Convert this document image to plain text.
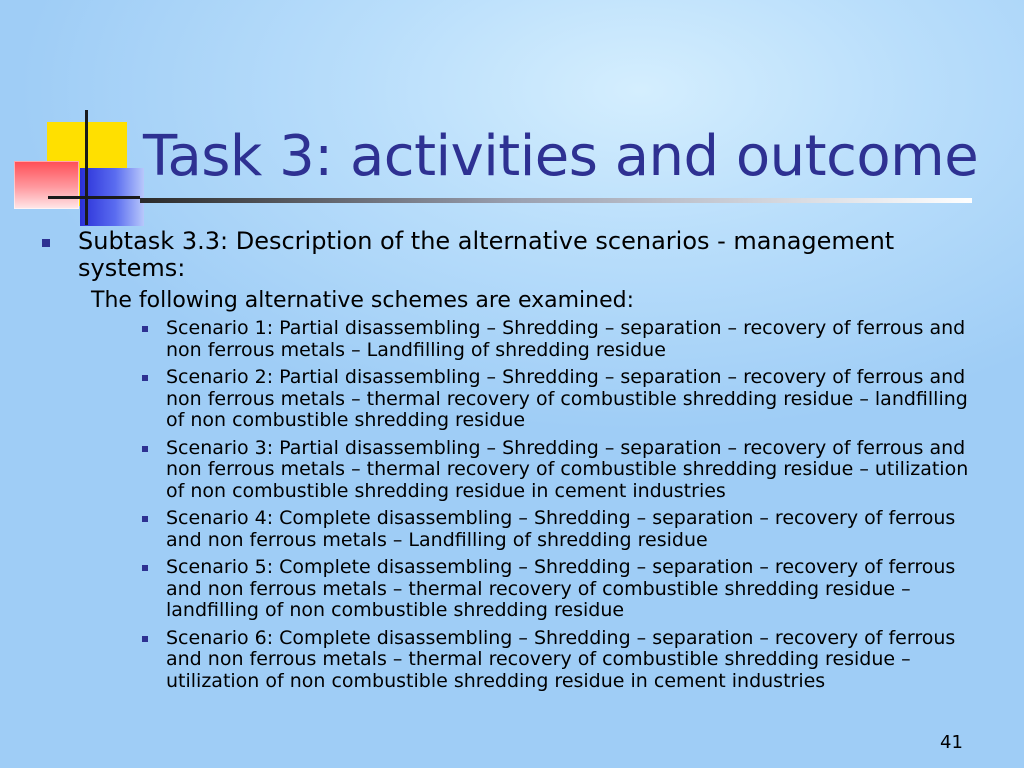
Task 3: activities and outcome
Subtask 3.3: Description of the alternative scenarios - management systems:
The following alternative schemes are examined:
Scenario 1: Partial disassembling – Shredding – separation – recovery of ferrous and non ferrous metals – Landfilling of shredding residue
Scenario 2: Partial disassembling – Shredding – separation – recovery of ferrous and non ferrous metals – thermal recovery of combustible shredding residue – landfilling of non combustible shredding residue
Scenario 3: Partial disassembling – Shredding – separation – recovery of ferrous and non ferrous metals – thermal recovery of combustible shredding residue – utilization of non combustible shredding residue in cement industries
Scenario 4: Complete disassembling – Shredding – separation – recovery of ferrous and non ferrous metals – Landfilling of shredding residue
Scenario 5: Complete disassembling – Shredding – separation – recovery of ferrous and non ferrous metals – thermal recovery of combustible shredding residue – landfilling of non combustible shredding residue
Scenario 6: Complete disassembling – Shredding – separation – recovery of ferrous and non ferrous metals – thermal recovery of combustible shredding residue – utilization of non combustible shredding residue in cement industries
41
